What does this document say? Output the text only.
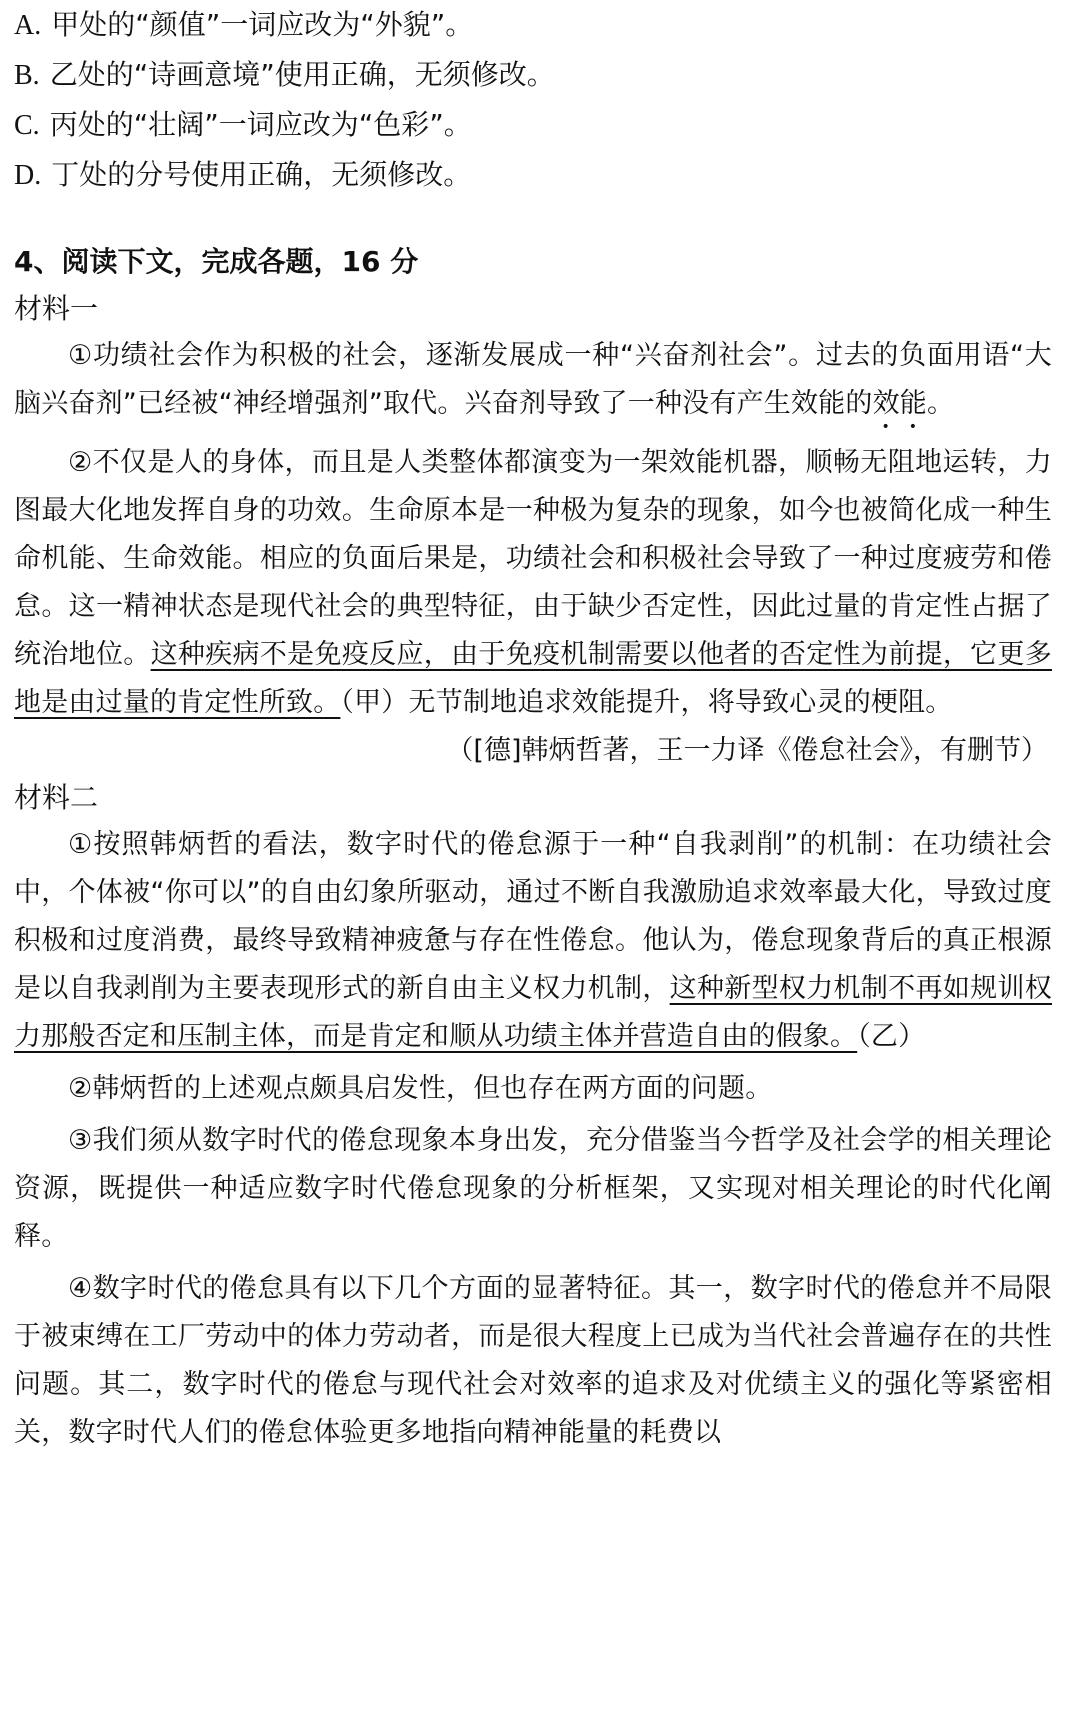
A. 甲处的“颜值”一词应改为“外貌”。

B. 乙处的“诗画意境”使用正确，无须修改。

C. 丙处的“壮阔”一词应改为“色彩”。

D. 丁处的分号使用正确，无须修改。

4、阅读下文，完成各题，16 分

材料一

①功绩社会作为积极的社会，逐渐发展成一种“兴奋剂社会”。过去的负面用语“大脑兴奋剂”已经被“神经增强剂”取代。兴奋剂导致了一种没有产生效能的效能。

②不仅是人的身体，而且是人类整体都演变为一架效能机器，顺畅无阻地运转，力图最大化地发挥自身的功效。生命原本是一种极为复杂的现象，如今也被简化成一种生命机能、生命效能。相应的负面后果是，功绩社会和积极社会导致了一种过度疲劳和倦怠。这一精神状态是现代社会的典型特征，由于缺少否定性，因此过量的肯定性占据了统治地位。这种疾病不是免疫反应，由于免疫机制需要以他者的否定性为前提，它更多地是由过量的肯定性所致。（甲）无节制地追求效能提升，将导致心灵的梗阻。

（[德]韩炳哲著，王一力译《倦怠社会》，有删节）

材料二

①按照韩炳哲的看法，数字时代的倦怠源于一种“自我剥削”的机制：在功绩社会中，个体被“你可以”的自由幻象所驱动，通过不断自我激励追求效率最大化，导致过度积极和过度消费，最终导致精神疲惫与存在性倦怠。他认为，倦怠现象背后的真正根源是以自我剥削为主要表现形式的新自由主义权力机制，这种新型权力机制不再如规训权力那般否定和压制主体，而是肯定和顺从功绩主体并营造自由的假象。（乙）

②韩炳哲的上述观点颇具启发性，但也存在两方面的问题。

③我们须从数字时代的倦怠现象本身出发，充分借鉴当今哲学及社会学的相关理论资源，既提供一种适应数字时代倦怠现象的分析框架，又实现对相关理论的时代化阐释。

④数字时代的倦怠具有以下几个方面的显著特征。其一，数字时代的倦怠并不局限于被束缚在工厂劳动中的体力劳动者，而是很大程度上已成为当代社会普遍存在的共性问题。其二，数字时代的倦怠与现代社会对效率的追求及对优绩主义的强化等紧密相关，数字时代人们的倦怠体验更多地指向精神能量的耗费以
